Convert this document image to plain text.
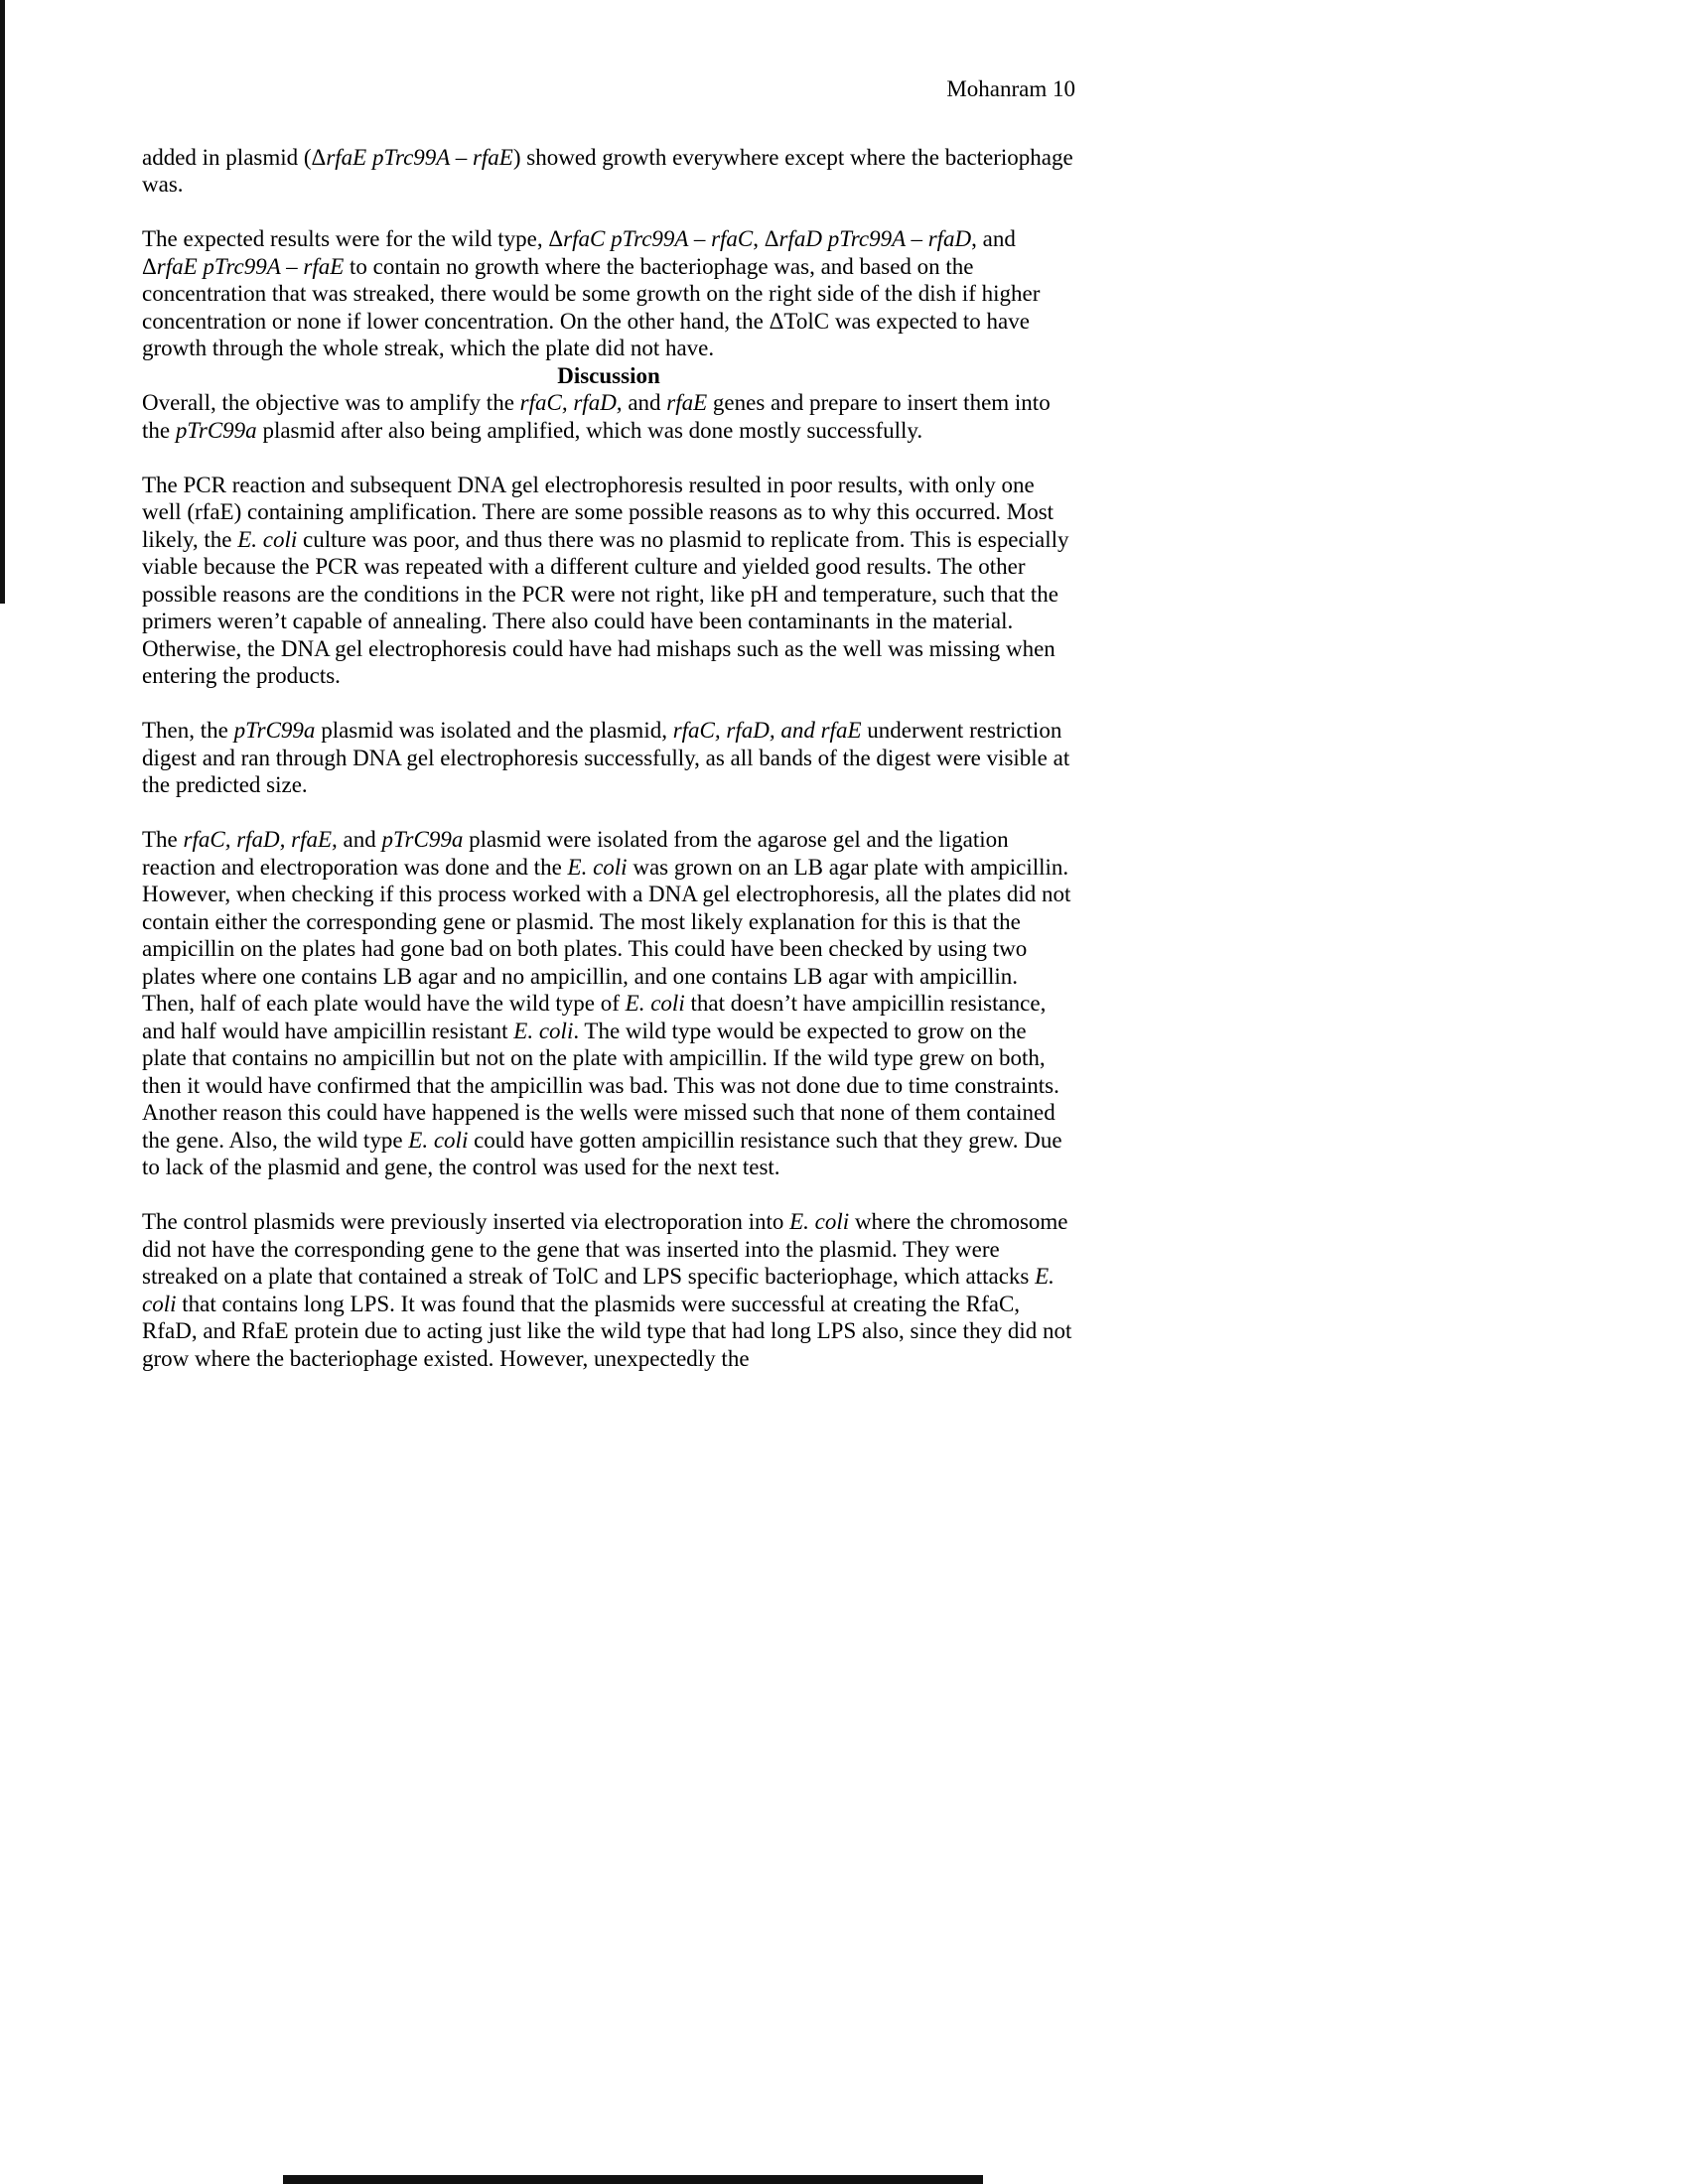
Mohanram 10

added in plasmid (ΔrfaE pTrc99A – rfaE) showed growth everywhere except where the bacteriophage was.

The expected results were for the wild type, ΔrfaC pTrc99A – rfaC, ΔrfaD pTrc99A – rfaD, and ΔrfaE pTrc99A – rfaE to contain no growth where the bacteriophage was, and based on the concentration that was streaked, there would be some growth on the right side of the dish if higher concentration or none if lower concentration. On the other hand, the ΔTolC was expected to have growth through the whole streak, which the plate did not have.

Discussion

Overall, the objective was to amplify the rfaC, rfaD, and rfaE genes and prepare to insert them into the pTrC99a plasmid after also being amplified, which was done mostly successfully.

The PCR reaction and subsequent DNA gel electrophoresis resulted in poor results, with only one well (rfaE) containing amplification. There are some possible reasons as to why this occurred. Most likely, the E. coli culture was poor, and thus there was no plasmid to replicate from. This is especially viable because the PCR was repeated with a different culture and yielded good results. The other possible reasons are the conditions in the PCR were not right, like pH and temperature, such that the primers weren’t capable of annealing. There also could have been contaminants in the material. Otherwise, the DNA gel electrophoresis could have had mishaps such as the well was missing when entering the products.

Then, the pTrC99a plasmid was isolated and the plasmid, rfaC, rfaD, and rfaE underwent restriction digest and ran through DNA gel electrophoresis successfully, as all bands of the digest were visible at the predicted size.

The rfaC, rfaD, rfaE, and pTrC99a plasmid were isolated from the agarose gel and the ligation reaction and electroporation was done and the E. coli was grown on an LB agar plate with ampicillin. However, when checking if this process worked with a DNA gel electrophoresis, all the plates did not contain either the corresponding gene or plasmid. The most likely explanation for this is that the ampicillin on the plates had gone bad on both plates. This could have been checked by using two plates where one contains LB agar and no ampicillin, and one contains LB agar with ampicillin. Then, half of each plate would have the wild type of E. coli that doesn’t have ampicillin resistance, and half would have ampicillin resistant E. coli. The wild type would be expected to grow on the plate that contains no ampicillin but not on the plate with ampicillin. If the wild type grew on both, then it would have confirmed that the ampicillin was bad. This was not done due to time constraints. Another reason this could have happened is the wells were missed such that none of them contained the gene. Also, the wild type E. coli could have gotten ampicillin resistance such that they grew. Due to lack of the plasmid and gene, the control was used for the next test.

The control plasmids were previously inserted via electroporation into E. coli where the chromosome did not have the corresponding gene to the gene that was inserted into the plasmid. They were streaked on a plate that contained a streak of TolC and LPS specific bacteriophage, which attacks E. coli that contains long LPS. It was found that the plasmids were successful at creating the RfaC, RfaD, and RfaE protein due to acting just like the wild type that had long LPS also, since they did not grow where the bacteriophage existed. However, unexpectedly the
